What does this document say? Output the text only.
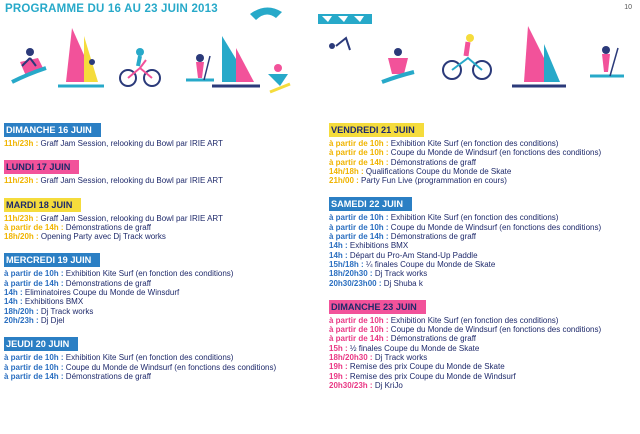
PROGRAMME DU 16 AU 23 JUIN 2013	10
DIMANCHE 16 JUIN
11h/23h : Graff Jam Session, relooking du Bowl par IRIE ART
LUNDI 17 JUIN
11h/23h : Graff Jam Session, relooking du Bowl par IRIE ART
MARDI 18 JUIN
11h/23h : Graff Jam Session, relooking du Bowl par IRIE ART
à partir de 14h : Démonstrations de graff
18h/20h : Opening Party avec Dj Track works
MERCREDI 19 JUIN
à partir de 10h : Exhibition Kite Surf (en fonction des conditions)
à partir de 14h : Démonstrations de graff
14h : Eliminatoires Coupe du Monde de Winsdurf
14h : Exhibitions BMX
18h/20h : Dj Track works
20h/23h : Dj Djel
JEUDI 20 JUIN
à partir de 10h : Exhibition Kite Surf (en fonction des conditions)
à partir de 10h : Coupe du Monde de Windsurf (en fonctions des conditions)
à partir de 14h : Démonstrations de graff
VENDREDI 21 JUIN
à partir de 10h : Exhibition Kite Surf (en fonction des conditions)
à partir de 10h : Coupe du Monde de Windsurf (en fonctions des conditions)
à partir de 14h : Démonstrations de graff
14h/18h : Qualifications Coupe du Monde de Skate
21h/00 : Party Fun Live (programmation en cours)
SAMEDI 22 JUIN
à partir de 10h : Exhibition Kite Surf (en fonction des conditions)
à partir de 10h : Coupe du Monde de Windsurf (en fonctions des conditions)
à partir de 14h : Démonstrations de graff
14h : Exhibitions BMX
14h : Départ du Pro-Am Stand-Up Paddle
15h/18h : ¼ finales Coupe du Monde de Skate
18h/20h30 : Dj Track works
20h30/23h00 : Dj Shuba k
DIMANCHE 23 JUIN
à partir de 10h : Exhibition Kite Surf (en fonction des conditions)
à partir de 10h : Coupe du Monde de Windsurf (en fonctions des conditions)
à partir de 14h : Démonstrations de graff
15h : ½ finales Coupe du Monde de Skate
18h/20h30 : Dj Track works
19h : Remise des prix Coupe du Monde de Skate
19h : Remise des prix Coupe du Monde de Windsurf
20h30/23h : Dj KriJo
